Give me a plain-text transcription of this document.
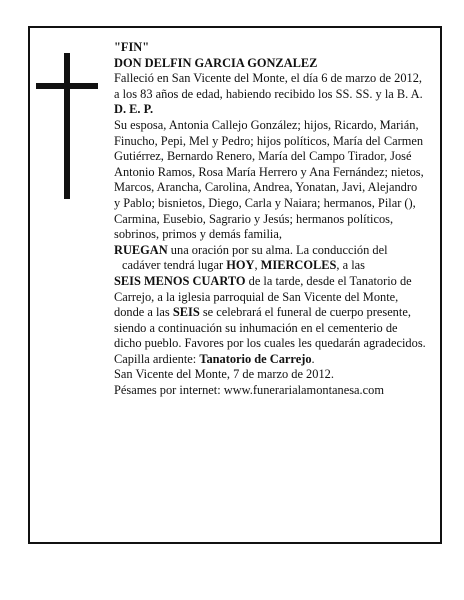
"FIN"

DON DELFIN GARCIA GONZALEZ

Falleció en San Vicente del Monte, el día 6 de marzo de 2012,

a los 83 años de edad, habiendo recibido los SS. SS. y la B. A.

D. E. P.

Su esposa, Antonia Callejo González; hijos, Ricardo, Marián, Finucho, Pepi, Mel y Pedro; hijos políticos, María del Carmen Gutiérrez, Bernardo Renero, María del Campo Tirador, José Antonio Ramos, Rosa María Herrero y Ana Fernández; nietos, Marcos, Arancha, Carolina, Andrea, Yonatan, Javi, Alejandro y Pablo; bisnietos, Diego, Carla y Naiara; hermanos, Pilar (), Carmina, Eusebio, Sagrario y Jesús; hermanos políticos, sobrinos, primos y demás familia,

RUEGAN una oración por su alma. La conducción del

cadáver tendrá lugar HOY, MIERCOLES, a las

SEIS MENOS CUARTO de la tarde, desde el Tanatorio de Carrejo, a la iglesia parroquial de San Vicente del Monte, donde a las SEIS se celebrará el funeral de cuerpo presente, siendo a continuación su inhumación en el cementerio de dicho pueblo. Favores por los cuales les quedarán agradecidos.

Capilla ardiente: Tanatorio de Carrejo.

San Vicente del Monte, 7 de marzo de 2012.

Pésames por internet: www.funerarialamontanesa.com
